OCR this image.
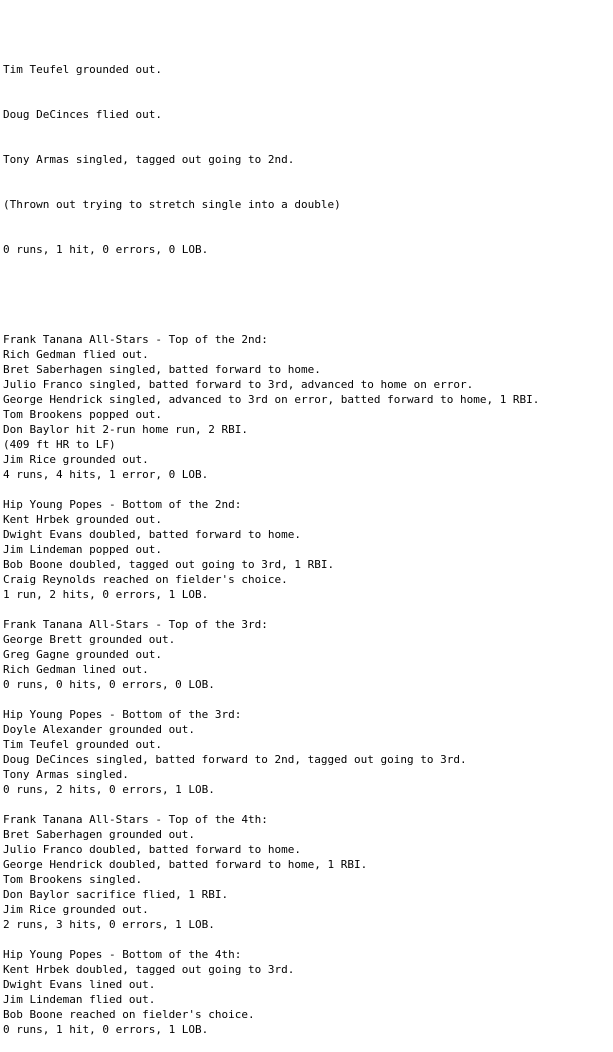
Tim Teufel grounded out.

Doug DeCinces flied out.

Tony Armas singled, tagged out going to 2nd.

(Thrown out trying to stretch single into a double)

0 runs, 1 hit, 0 errors, 0 LOB.

Frank Tanana All-Stars - Top of the 2nd:
Rich Gedman flied out.
Bret Saberhagen singled, batted forward to home.
Julio Franco singled, batted forward to 3rd, advanced to home on error.
George Hendrick singled, advanced to 3rd on error, batted forward to home, 1 RBI.
Tom Brookens popped out.
Don Baylor hit 2-run home run, 2 RBI.
(409 ft HR to LF)
Jim Rice grounded out.
4 runs, 4 hits, 1 error, 0 LOB.
Hip Young Popes - Bottom of the 2nd:
Kent Hrbek grounded out.
Dwight Evans doubled, batted forward to home.
Jim Lindeman popped out.
Bob Boone doubled, tagged out going to 3rd, 1 RBI.
Craig Reynolds reached on fielder's choice.
1 run, 2 hits, 0 errors, 1 LOB.
Frank Tanana All-Stars - Top of the 3rd:
George Brett grounded out.
Greg Gagne grounded out.
Rich Gedman lined out.
0 runs, 0 hits, 0 errors, 0 LOB.
Hip Young Popes - Bottom of the 3rd:
Doyle Alexander grounded out.
Tim Teufel grounded out.
Doug DeCinces singled, batted forward to 2nd, tagged out going to 3rd.
Tony Armas singled.
0 runs, 2 hits, 0 errors, 1 LOB.
Frank Tanana All-Stars - Top of the 4th:
Bret Saberhagen grounded out.
Julio Franco doubled, batted forward to home.
George Hendrick doubled, batted forward to home, 1 RBI.
Tom Brookens singled.
Don Baylor sacrifice flied, 1 RBI.
Jim Rice grounded out.
2 runs, 3 hits, 0 errors, 1 LOB.
Hip Young Popes - Bottom of the 4th:
Kent Hrbek doubled, tagged out going to 3rd.
Dwight Evans lined out.
Jim Lindeman flied out.
Bob Boone reached on fielder's choice.
0 runs, 1 hit, 0 errors, 1 LOB.
